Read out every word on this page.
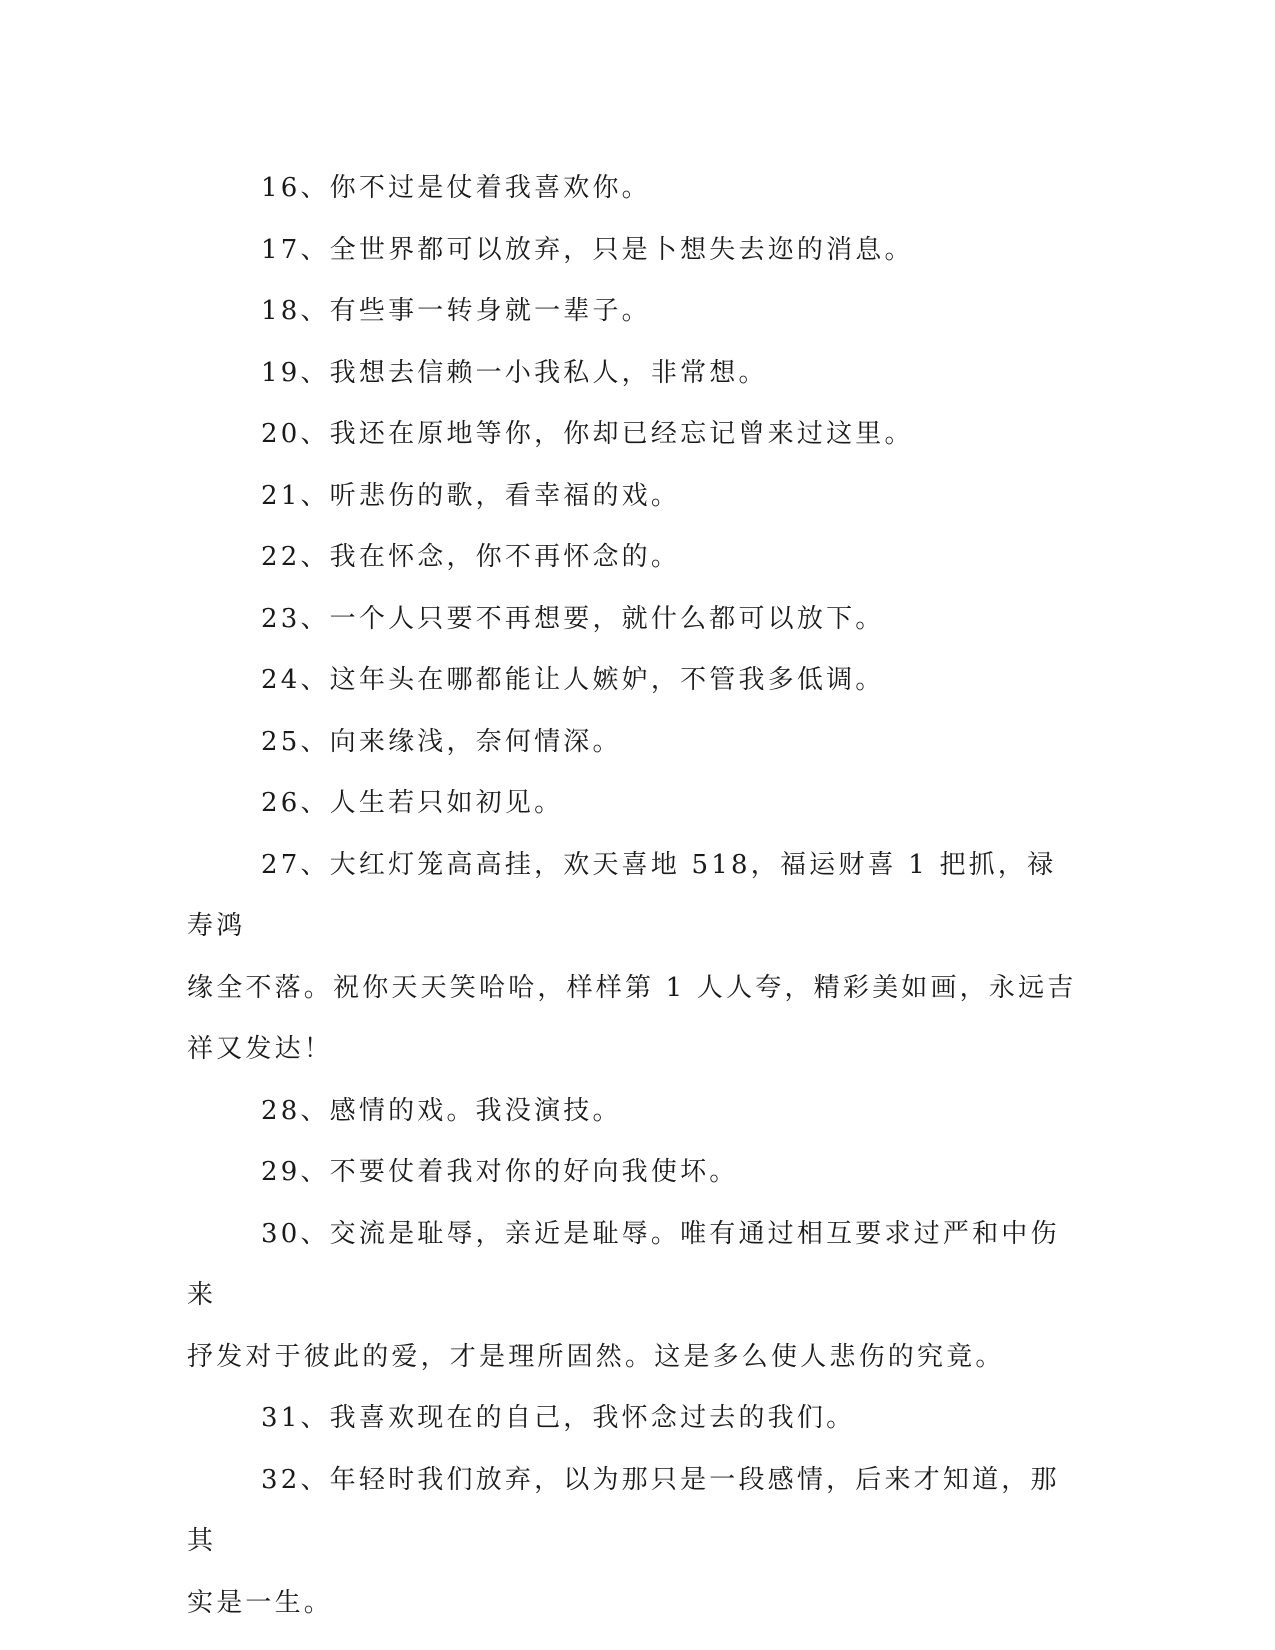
16、你不过是仗着我喜欢你。

17、全世界都可以放弃，只是卜想失去迩的消息。

18、有些事一转身就一辈子。

19、我想去信赖一小我私人，非常想。

20、我还在原地等你，你却已经忘记曾来过这里。

21、听悲伤的歌，看幸福的戏。

22、我在怀念，你不再怀念的。

23、一个人只要不再想要，就什么都可以放下。

24、这年头在哪都能让人嫉妒，不管我多低调。

25、向来缘浅，奈何情深。

26、人生若只如初见。

27、大红灯笼高高挂，欢天喜地 518，福运财喜 1 把抓，禄寿鸿
缘全不落。祝你天天笑哈哈，样样第 1 人人夸，精彩美如画，永远吉
祥又发达！

28、感情的戏。我没演技。

29、不要仗着我对你的好向我使坏。

30、交流是耻辱，亲近是耻辱。唯有通过相互要求过严和中伤来
抒发对于彼此的爱，才是理所固然。这是多么使人悲伤的究竟。

31、我喜欢现在的自己，我怀念过去的我们。

32、年轻时我们放弃，以为那只是一段感情，后来才知道，那其
实是一生。
